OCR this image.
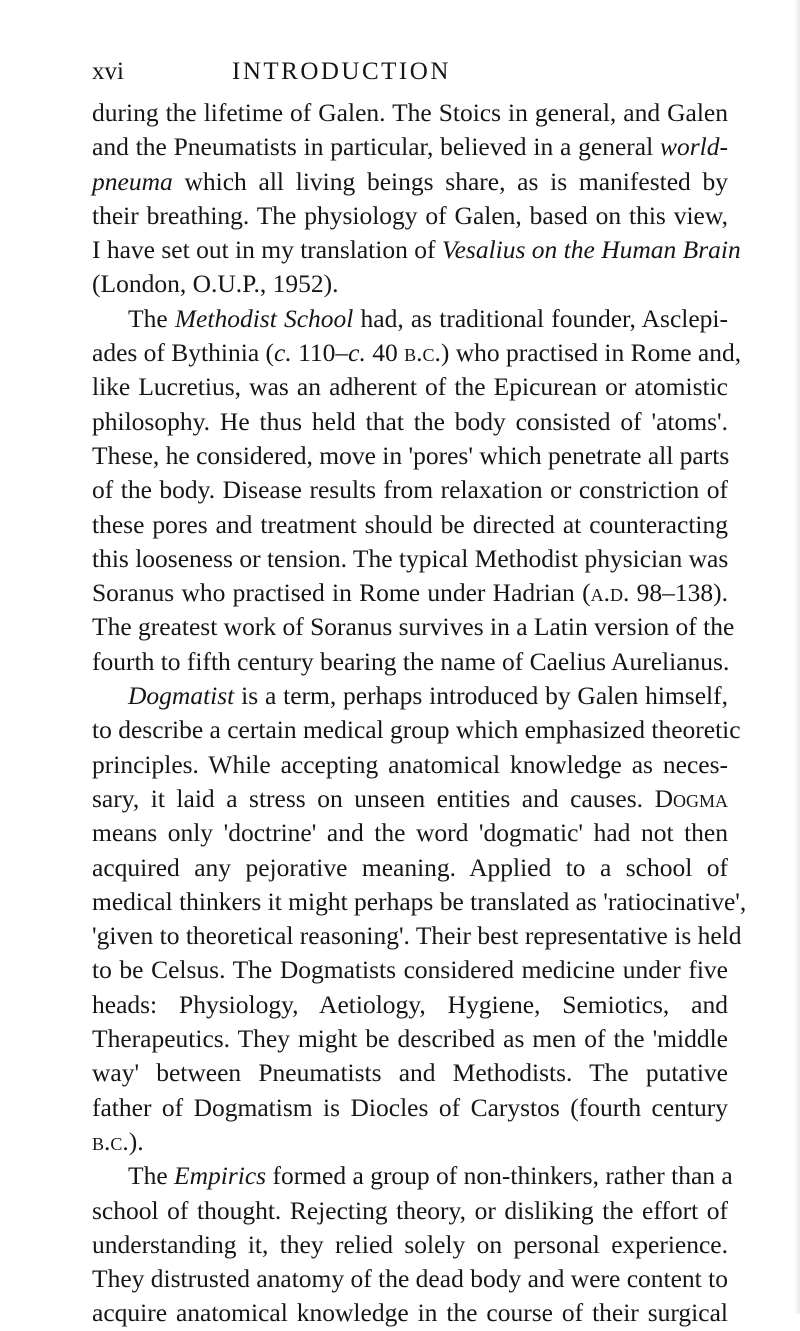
xvi	INTRODUCTION

during the lifetime of Galen. The Stoics in general, and Galen
and the Pneumatists in particular, believed in a general world-
pneuma which all living beings share, as is manifested by
their breathing. The physiology of Galen, based on this view,
I have set out in my translation of Vesalius on the Human Brain
(London, O.U.P., 1952).

The Methodist School had, as traditional founder, Asclepi-
ades of Bythinia (c. 110–c. 40 b.c.) who practised in Rome and,
like Lucretius, was an adherent of the Epicurean or atomistic
philosophy. He thus held that the body consisted of 'atoms'.
These, he considered, move in 'pores' which penetrate all parts
of the body. Disease results from relaxation or constriction of
these pores and treatment should be directed at counteracting
this looseness or tension. The typical Methodist physician was
Soranus who practised in Rome under Hadrian (a.d. 98–138).
The greatest work of Soranus survives in a Latin version of the
fourth to fifth century bearing the name of Caelius Aurelianus.

Dogmatist is a term, perhaps introduced by Galen himself,
to describe a certain medical group which emphasized theoretic
principles. While accepting anatomical knowledge as neces-
sary, it laid a stress on unseen entities and causes. Dogma
means only 'doctrine' and the word 'dogmatic' had not then
acquired any pejorative meaning. Applied to a school of
medical thinkers it might perhaps be translated as 'ratiocinative',
'given to theoretical reasoning'. Their best representative is held
to be Celsus. The Dogmatists considered medicine under five
heads: Physiology, Aetiology, Hygiene, Semiotics, and
Therapeutics. They might be described as men of the 'middle
way' between Pneumatists and Methodists. The putative
father of Dogmatism is Diocles of Carystos (fourth century
b.c.).

The Empirics formed a group of non-thinkers, rather than a
school of thought. Rejecting theory, or disliking the effort of
understanding it, they relied solely on personal experience.
They distrusted anatomy of the dead body and were content to
acquire anatomical knowledge in the course of their surgical
